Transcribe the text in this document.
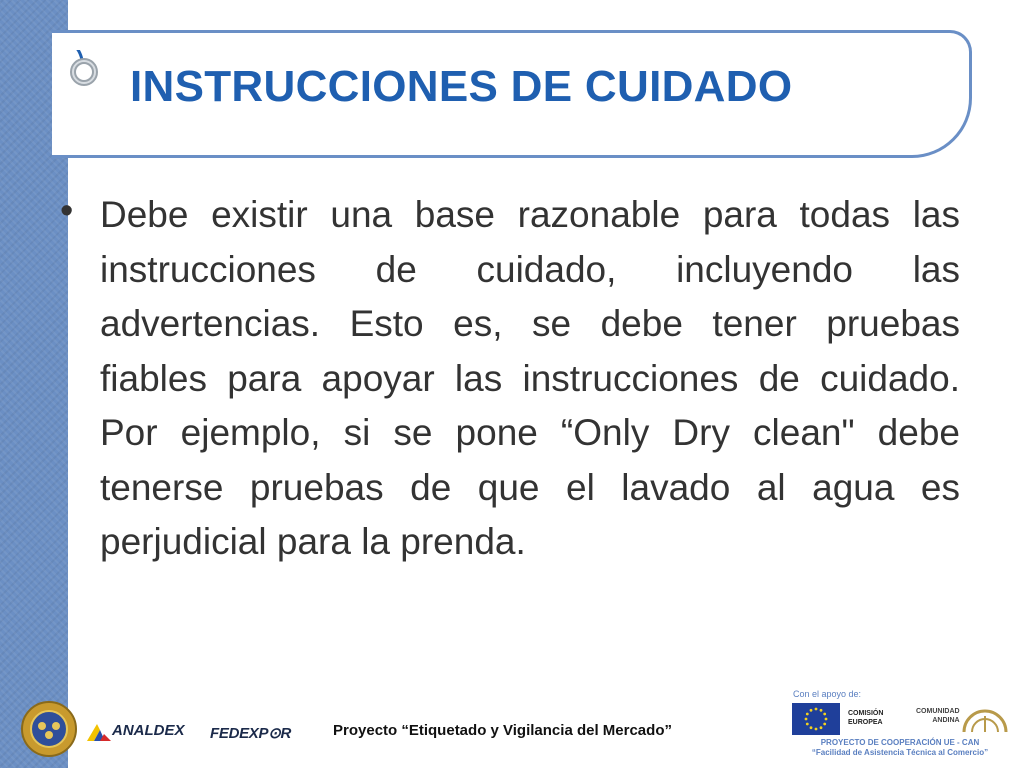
INSTRUCCIONES DE CUIDADO
• Debe existir una base razonable para todas las instrucciones de cuidado, incluyendo las advertencias. Esto es, se debe tener pruebas fiables para apoyar las instrucciones de cuidado. Por ejemplo, si se pone “Only Dry clean" debe tenerse pruebas de que el lavado al agua es perjudicial para la prenda.

ANALDEX FEDEXP⊙R	Proyecto “Etiquetado y Vigilancia del Mercado”
Con el apoyo de:
COMISIÓN
EUROPEA
COMUNIDAD
ANDINA
PROYECTO DE COOPERACIÓN UE - CAN
“Facilidad de Asistencia Técnica al Comercio”
